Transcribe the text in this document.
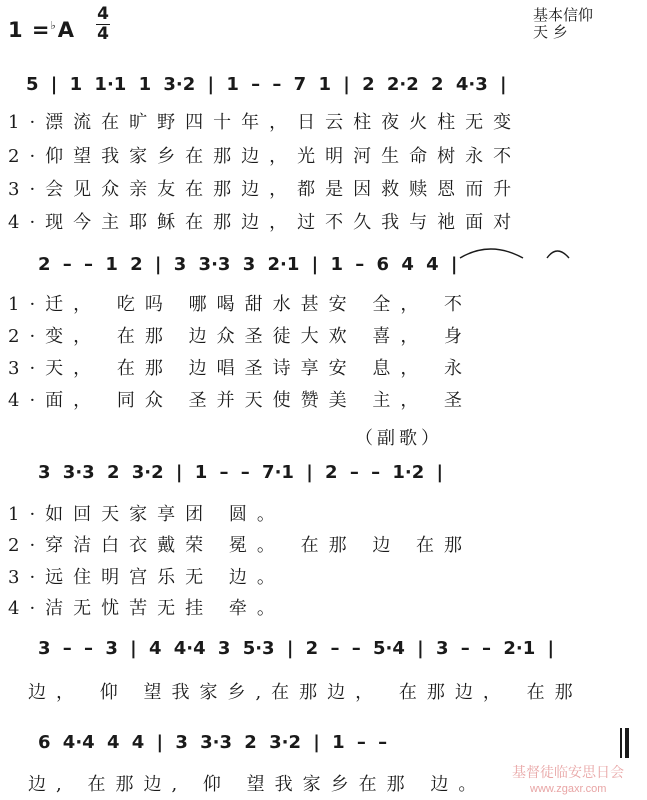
1 =♭A
4
4
基本信仰
天 乡
5 | 1 1·1 1 3·2 | 1 – – 7 1 | 2 2·2 2 4·3 |
1·漂流在旷野四十年，日云柱夜火柱无变
2·仰望我家乡在那边，光明河生命树永不
3·会见众亲友在那边，都是因救赎恩而升
4·现今主耶稣在那边，过不久我与祂面对
2 – – 1 2 | 3 3·3 3 2·1 | 1 – 6 4 4 |
1·迁， 吃吗 哪喝甜水甚安 全， 不
2·变， 在那 边众圣徒大欢 喜， 身
3·天， 在那 边唱圣诗享安 息， 永
4·面， 同众 圣并天使赞美 主， 圣
（副歌）
3 3·3 2 3·2 | 1 – – 7·1 | 2 – – 1·2 |
1·如回天家享团 圆。
2·穿洁白衣戴荣 冕。 在那 边 在那
3·远住明宫乐无 边。
4·洁无忧苦无挂 牵。
3 – – 3 | 4 4·4 3 5·3 | 2 – – 5·4 | 3 – – 2·1 |
边， 仰 望我家乡,在那边， 在那边， 在那
6 4·4 4 4 | 3 3·3 2 3·2 | 1 – –
边, 在那边, 仰 望我家乡在那 边。
基督徒临安思日会
www.zgaxr.com
